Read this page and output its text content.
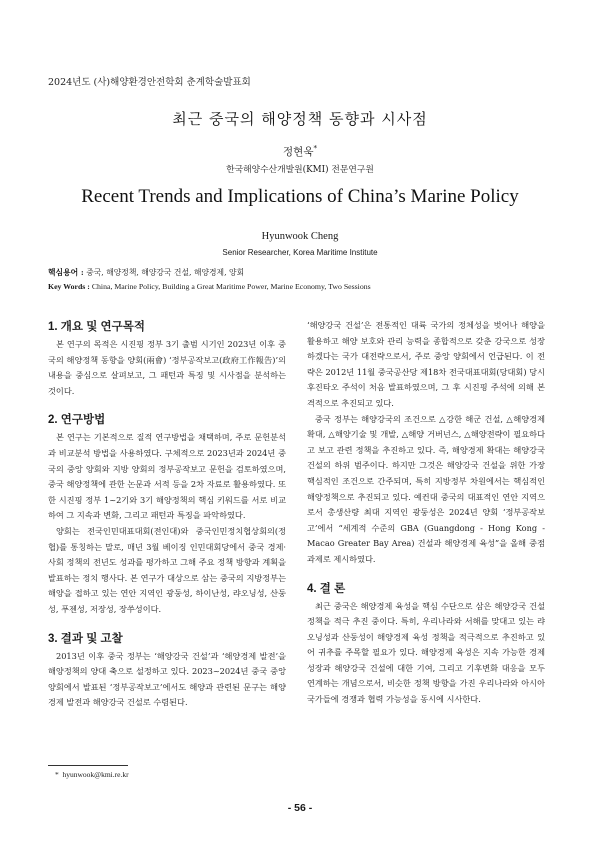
2024년도 (사)해양환경안전학회 춘계학술발표회
최근 중국의 해양정책 동향과 시사점
정현욱*
한국해양수산개발원(KMI) 전문연구원
Recent Trends and Implications of China’s Marine Policy
Hyunwook Cheng
Senior Researcher, Korea Maritime Institute
핵심용어 : 중국, 해양정책, 해양강국 건설, 해양경제, 양회
Key Words : China, Marine Policy, Building a Great Maritime Power, Marine Economy, Two Sessions
1. 개요 및 연구목적

본 연구의 목적은 시진핑 정부 3기 출범 시기인 2023년 이후 중국의 해양정책 동향을 양회(兩會) ‘정부공작보고(政府工作報告)’의 내용을 중심으로 살펴보고, 그 패턴과 특징 및 시사점을 분석하는 것이다.

2. 연구방법

본 연구는 기본적으로 질적 연구방법을 채택하며, 주로 문헌분석과 비교분석 방법을 사용하였다. 구체적으로 2023년과 2024년 중국의 중앙 양회와 지방 양회의 정부공작보고 문헌을 검토하였으며, 중국 해양정책에 관한 논문과 서적 등을 2차 자료로 활용하였다. 또한 시진핑 정부 1~2기와 3기 해양정책의 핵심 키워드를 서로 비교하여 그 지속과 변화, 그리고 패턴과 특징을 파악하였다.

양회는 전국인민대표대회(전인대)와 중국인민정치협상회의(정협)를 통칭하는 말로, 매년 3월 베이징 인민대회당에서 중국 경제·사회 정책의 전년도 성과를 평가하고 그해 주요 정책 방향과 계획을 발표하는 정치 행사다. 본 연구가 대상으로 삼는 중국의 지방정부는 해양을 접하고 있는 연안 지역인 광둥성, 하이난성, 랴오닝성, 산둥성, 푸젠성, 저장성, 장쑤성이다.

3. 결과 및 고찰

2013년 이후 중국 정부는 ‘해양강국 건설’과 ‘해양경제 발전’을 해양정책의 양대 축으로 설정하고 있다. 2023~2024년 중국 중앙 양회에서 발표된 ‘정부공작보고’에서도 해양과 관련된 문구는 해양경제 발전과 해양강국 건설로 수렴된다.

‘해양강국 건설’은 전통적인 대륙 국가의 정체성을 벗어나 해양을 활용하고 해양 보호와 관리 능력을 종합적으로 갖춘 강국으로 성장하겠다는 국가 대전략으로서, 주로 중앙 양회에서 언급된다. 이 전략은 2012년 11월 중국공산당 제18차 전국대표대회(당대회) 당시 후진타오 주석이 처음 발표하였으며, 그 후 시진핑 주석에 의해 본격적으로 추진되고 있다.

중국 정부는 해양강국의 조건으로 △강한 해군 건설, △해양경제 확대, △해양기술 및 개발, △해양 거버넌스, △해양전략이 필요하다고 보고 관련 정책을 추진하고 있다. 즉, 해양경제 확대는 해양강국 건설의 하위 범주이다. 하지만 그것은 해양강국 건설을 위한 가장 핵심적인 조건으로 간주되며, 특히 지방정부 차원에서는 핵심적인 해양정책으로 추진되고 있다. 예컨대 중국의 대표적인 연안 지역으로서 총생산량 최대 지역인 광둥성은 2024년 양회 ‘정부공작보고’에서 “세계적 수준의 GBA (Guangdong - Hong Kong - Macao Greater Bay Area) 건설과 해양경제 육성”을 올해 중점 과제로 제시하였다.

4. 결 론

최근 중국은 해양경제 육성을 핵심 수단으로 삼은 해양강국 건설 정책을 적극 추진 중이다. 특히, 우리나라와 서해를 맞대고 있는 랴오닝성과 산둥성이 해양경제 육성 정책을 적극적으로 추진하고 있어 귀추를 주목할 필요가 있다. 해양경제 육성은 지속 가능한 경제성장과 해양강국 건설에 대한 기여, 그리고 기후변화 대응을 모두 연계하는 개념으로서, 비슷한 정책 방향을 가진 우리나라와 아시아 국가들에 경쟁과 협력 가능성을 동시에 시사한다.

* hyunwook@kmi.re.kr
- 56 -
